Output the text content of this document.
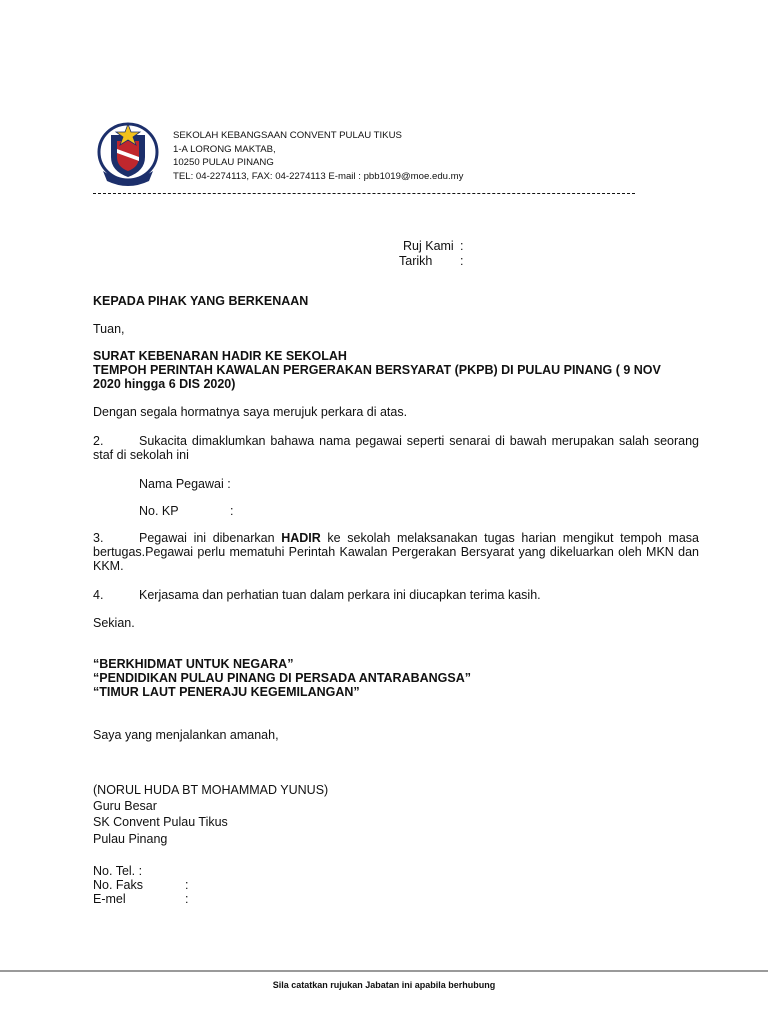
SEKOLAH KEBANGSAAN CONVENT PULAU TIKUS
1-A LORONG MAKTAB,
10250 PULAU PINANG
TEL: 04-2274113, FAX: 04-2274113 E-mail : pbb1019@moe.edu.my
Ruj Kami :
Tarikh :
KEPADA PIHAK YANG BERKENAAN
Tuan,
SURAT KEBENARAN HADIR KE SEKOLAH
TEMPOH PERINTAH KAWALAN PERGERAKAN BERSYARAT (PKPB) DI PULAU PINANG ( 9 NOV
2020 hingga 6 DIS 2020)
Dengan segala hormatnya saya merujuk perkara di atas.
2.	Sukacita dimaklumkan bahawa nama pegawai seperti senarai di bawah merupakan salah seorang staf di sekolah ini
Nama Pegawai :
No. KP	:
3.	Pegawai ini dibenarkan HADIR ke sekolah melaksanakan tugas harian mengikut tempoh masa bertugas.Pegawai perlu mematuhi Perintah Kawalan Pergerakan Bersyarat yang dikeluarkan oleh MKN dan KKM.
4.	Kerjasama dan perhatian tuan dalam perkara ini diucapkan terima kasih.
Sekian.
“BERKHIDMAT UNTUK NEGARA”
“PENDIDIKAN PULAU PINANG DI PERSADA ANTARABANGSA”
“TIMUR LAUT PENERAJU KEGEMILANGAN”
Saya yang menjalankan amanah,
(NORUL HUDA BT MOHAMMAD YUNUS)
Guru Besar
SK Convent Pulau Tikus
Pulau Pinang
No. Tel. :
No. Faks	:
E-mel	:
Sila catatkan rujukan Jabatan ini apabila berhubung
